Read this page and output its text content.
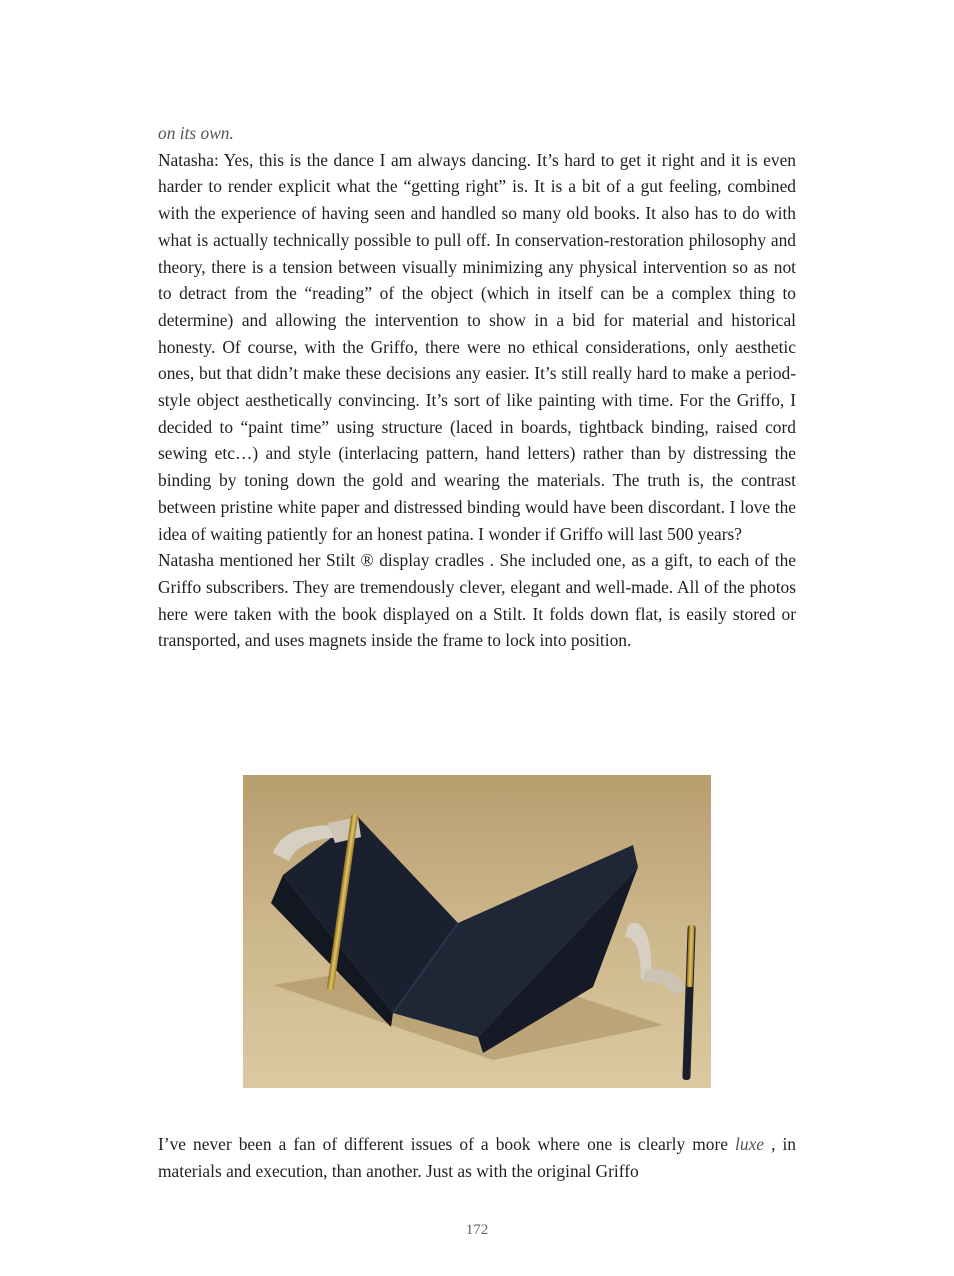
on its own.

Natasha: Yes, this is the dance I am always dancing. It’s hard to get it right and it is even harder to render explicit what the “getting right” is. It is a bit of a gut feeling, combined with the experience of having seen and handled so many old books. It also has to do with what is actually technically possible to pull off. In conservation-restoration philosophy and theory, there is a tension between visually minimizing any physical intervention so as not to detract from the “reading” of the object (which in itself can be a complex thing to determine) and allowing the intervention to show in a bid for material and historical honesty. Of course, with the Griffo, there were no ethical considerations, only aesthetic ones, but that didn’t make these decisions any easier. It’s still really hard to make a period-style object aesthetically convincing. It’s sort of like painting with time. For the Griffo, I decided to “paint time” using structure (laced in boards, tightback binding, raised cord sewing etc…) and style (interlacing pattern, hand letters) rather than by distressing the binding by toning down the gold and wearing the materials. The truth is, the contrast between pristine white paper and distressed binding would have been discordant. I love the idea of waiting patiently for an honest patina. I wonder if Griffo will last 500 years?

Natasha mentioned her Stilt ® display cradles . She included one, as a gift, to each of the Griffo subscribers. They are tremendously clever, elegant and well-made. All of the photos here were taken with the book displayed on a Stilt. It folds down flat, is easily stored or transported, and uses magnets inside the frame to lock into position.

I’ve never been a fan of different issues of a book where one is clearly more luxe , in materials and execution, than another. Just as with the original Griffo

172
